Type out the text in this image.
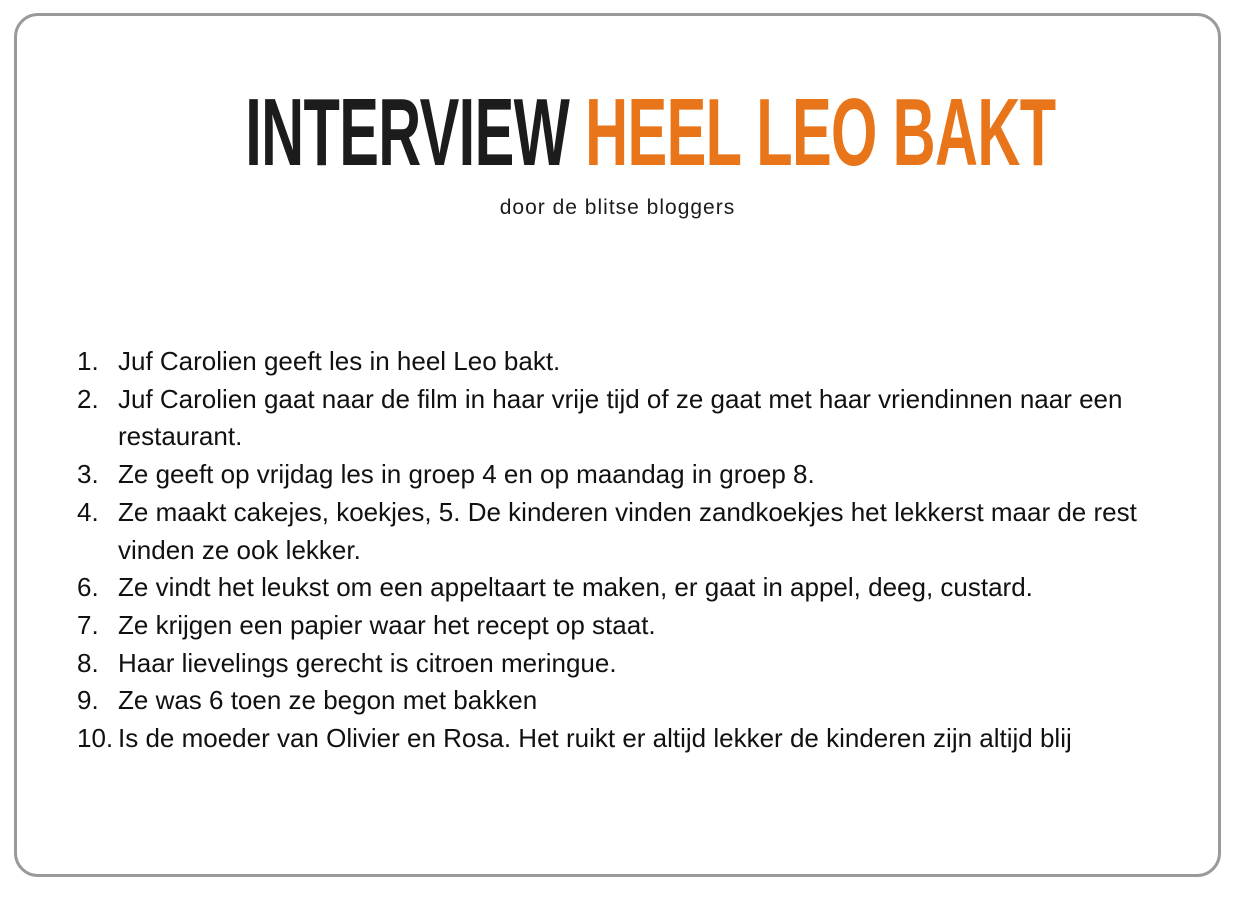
INTERVIEW HEEL LEO BAKT
door de blitse bloggers
1. Juf Carolien geeft les in heel Leo bakt.
2. Juf Carolien gaat naar de film in haar vrije tijd of ze gaat met haar vriendinnen naar een restaurant.
3. Ze geeft op vrijdag les in groep 4 en op maandag in groep 8.
4. Ze maakt cakejes, koekjes, 5. De kinderen vinden zandkoekjes het lekkerst maar de rest vinden ze ook lekker.
6. Ze vindt het leukst om een appeltaart te maken, er gaat in appel, deeg, custard.
7. Ze krijgen een papier waar het recept op staat.
8. Haar lievelings gerecht is citroen meringue.
9. Ze was 6 toen ze begon met bakken
10. Is de moeder van Olivier en Rosa. Het ruikt er altijd lekker de kinderen zijn altijd blij
